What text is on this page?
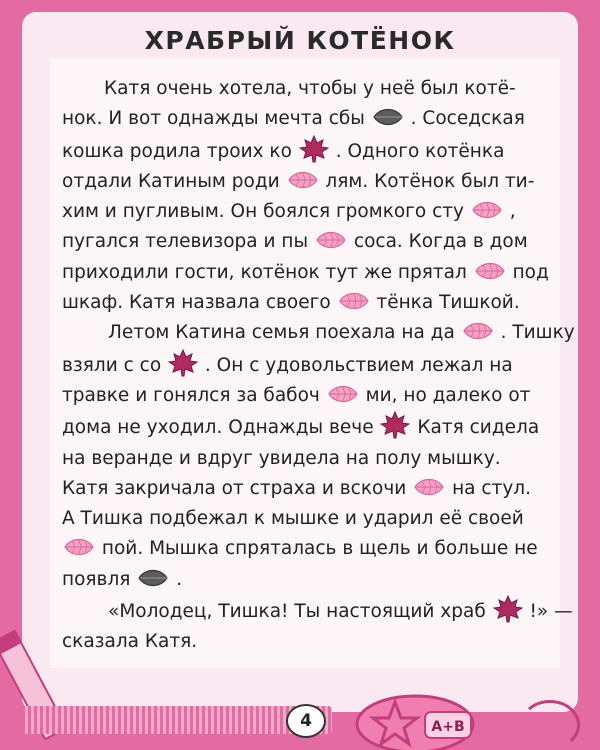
ХРАБРЫЙ КОТЁНОК
Катя очень хотела, чтобы у неё был котё-
нок. И вот однажды мечта сбы . Соседская
кошка родила троих ко . Одного котёнка
отдали Катиным роди лям. Котёнок был ти-
хим и пугливым. Он боялся громкого сту ,
пугался телевизора и пы соса. Когда в дом
приходили гости, котёнок тут же прятал
под
шкаф. Катя назвала своего
тёнка Тишкой.
Летом Катина семья поехала на да . Тишку
взяли с со . Он с удовольствием лежал на
травке и гонялся за бабоч ми, но далеко от
дома не уходил. Однажды вече
Катя сидела
на веранде и вдруг увидела на полу мышку.
Катя закричала от страха и вскочи
на стул.
А Тишка подбежал к мышке и ударил её своей
пой. Мышка спряталась в щель и больше не
появля .
«Молодец, Тишка! Ты настоящий храб !» —
сказала Катя.
4	А+В
